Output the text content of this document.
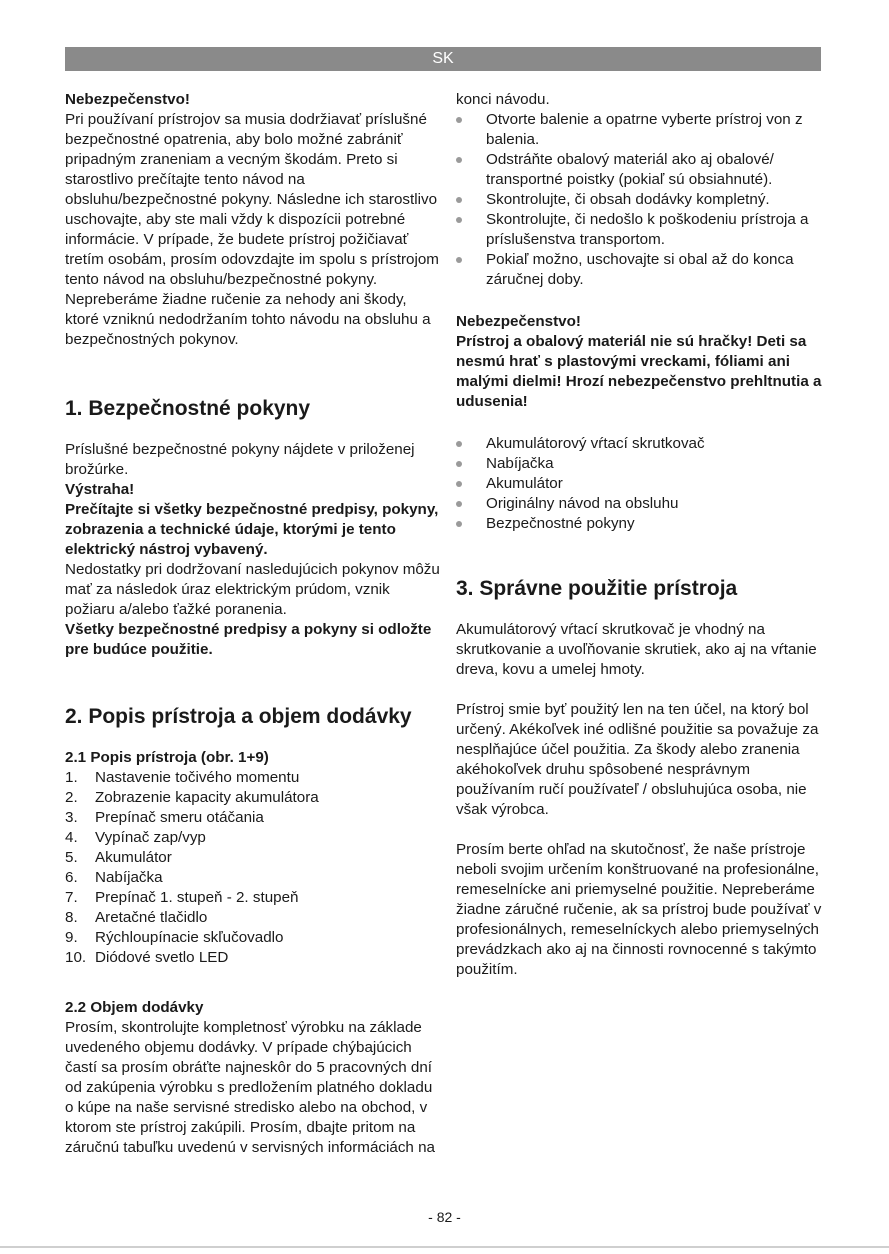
SK

Nebezpečenstvo!

Pri používaní prístrojov sa musia dodržiavať príslušné bezpečnostné opatrenia, aby bolo možné zabrániť pripadným zraneniam a vecným škodám. Preto si starostlivo prečítajte tento návod na obsluhu/bezpečnostné pokyny. Následne ich starostlivo uschovajte, aby ste mali vždy k dispozícii potrebné informácie. V prípade, že budete prístroj požičiavať tretím osobám, prosím odovzdajte im spolu s prístrojom tento návod na obsluhu/bezpečnostné pokyny. Nepreberáme žiadne ručenie za nehody ani škody, ktoré vzniknú nedodržaním tohto návodu na obsluhu a bezpečnostných pokynov.

1. Bezpečnostné pokyny

Príslušné bezpečnostné pokyny nájdete v priloženej brožúrke.

Výstraha!

Prečítajte si všetky bezpečnostné predpisy, pokyny, zobrazenia a technické údaje, ktorými je tento elektrický nástroj vybavený.

Nedostatky pri dodržovaní nasledujúcich pokynov môžu mať za následok úraz elektrickým prúdom, vznik požiaru a/alebo ťažké poranenia.

Všetky bezpečnostné predpisy a pokyny si odložte pre budúce použitie.

2. Popis prístroja a objem dodávky

2.1 Popis prístroja (obr. 1+9)

1. Nastavenie točivého momentu
2. Zobrazenie kapacity akumulátora
3. Prepínač smeru otáčania
4. Vypínač zap/vyp
5. Akumulátor
6. Nabíjačka
7. Prepínač 1. stupeň - 2. stupeň
8. Aretačné tlačidlo
9. Rýchloupínacie skľučovadlo
10. Diódové svetlo LED

2.2 Objem dodávky

Prosím, skontrolujte kompletnosť výrobku na základe uvedeného objemu dodávky. V prípade chýbajúcich častí sa prosím obráťte najneskôr do 5 pracovných dní od zakúpenia výrobku s predložením platného dokladu o kúpe na naše servisné stredisko alebo na obchod, v ktorom ste prístroj zakúpili. Prosím, dbajte pritom na záručnú tabuľku uvedenú v servisných informáciách na

konci návodu.

Otvorte balenie a opatrne vyberte prístroj von z balenia.
Odstráňte obalový materiál ako aj obalové/ transportné poistky (pokiaľ sú obsiahnuté).
Skontrolujte, či obsah dodávky kompletný.
Skontrolujte, či nedošlo k poškodeniu prístroja a príslušenstva transportom.
Pokiaľ možno, uschovajte si obal až do konca záručnej doby.

Nebezpečenstvo!

Prístroj a obalový materiál nie sú hračky! Deti sa nesmú hrať s plastovými vreckami, fóliami ani malými dielmi! Hrozí nebezpečenstvo prehltnutia a udusenia!

Akumulátorový vŕtací skrutkovač
Nabíjačka
Akumulátor
Originálny návod na obsluhu
Bezpečnostné pokyny

3. Správne použitie prístroja

Akumulátorový vŕtací skrutkovač je vhodný na skrutkovanie a uvoľňovanie skrutiek, ako aj na vŕtanie dreva, kovu a umelej hmoty.

Prístroj smie byť použitý len na ten účel, na ktorý bol určený. Akékoľvek iné odlišné použitie sa považuje za nesplňajúce účel použitia. Za škody alebo zranenia akéhokoľvek druhu spôsobené nesprávnym používaním ručí používateľ / obsluhujúca osoba, nie však výrobca.

Prosím berte ohľad na skutočnosť, že naše prístroje neboli svojim určením konštruované na profesionálne, remeselnícke ani priemyselné použitie. Nepreberáme žiadne záručné ručenie, ak sa prístroj bude používať v profesionálnych, remeselníckych alebo priemyselných prevádzkach ako aj na činnosti rovnocenné s takýmto použitím.

- 82 -
